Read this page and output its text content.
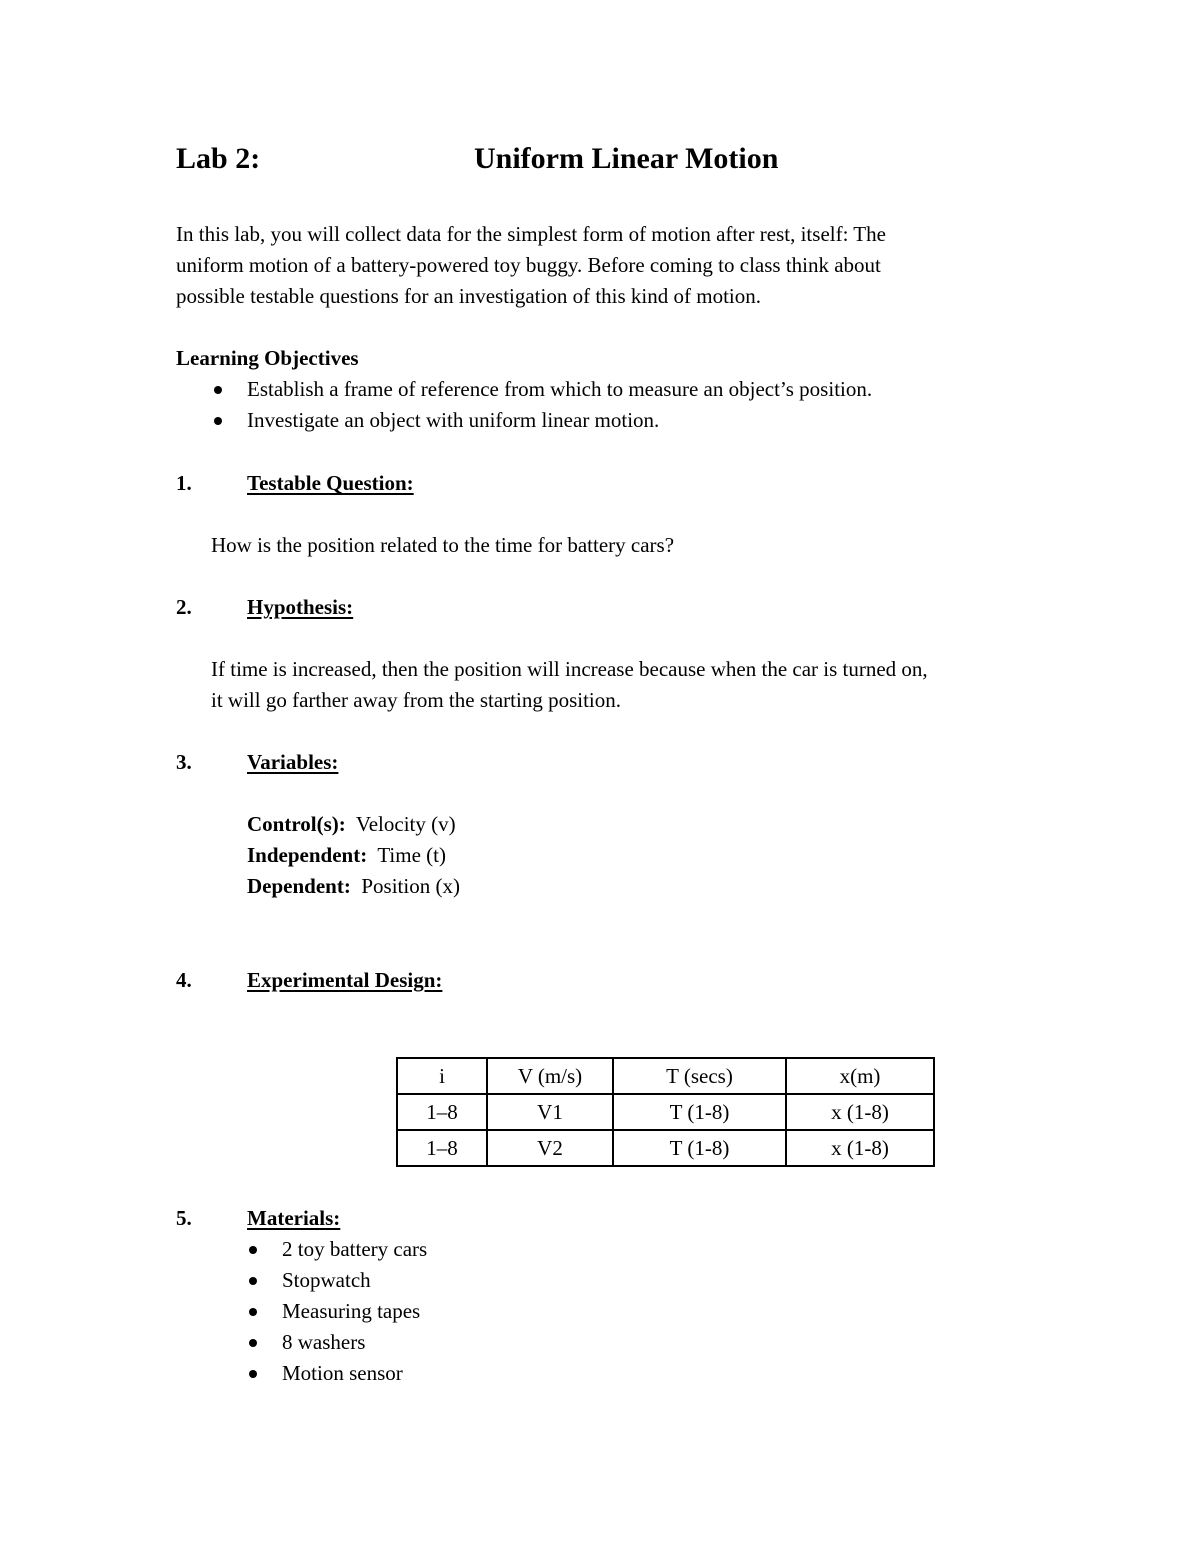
Lab 2:	Uniform Linear Motion
In this lab, you will collect data for the simplest form of motion after rest, itself: The
uniform motion of a battery-powered toy buggy. Before coming to class think about
possible testable questions for an investigation of this kind of motion.
Learning Objectives
Establish a frame of reference from which to measure an object’s position.
Investigate an object with uniform linear motion.
1.	Testable Question:
How is the position related to the time for battery cars?
2.	Hypothesis:
If time is increased, then the position will increase because when the car is turned on,
it will go farther away from the starting position.
3.	Variables:
Control(s): Velocity (v)
Independent: Time (t)
Dependent: Position (x)
4.	Experimental Design:
i	V (m/s)	T (secs)	x(m)
1–8	V1	T (1-8)	x (1-8)
1–8	V2	T (1-8)	x (1-8)
5.	Materials:
2 toy battery cars
Stopwatch
Measuring tapes
8 washers
Motion sensor
